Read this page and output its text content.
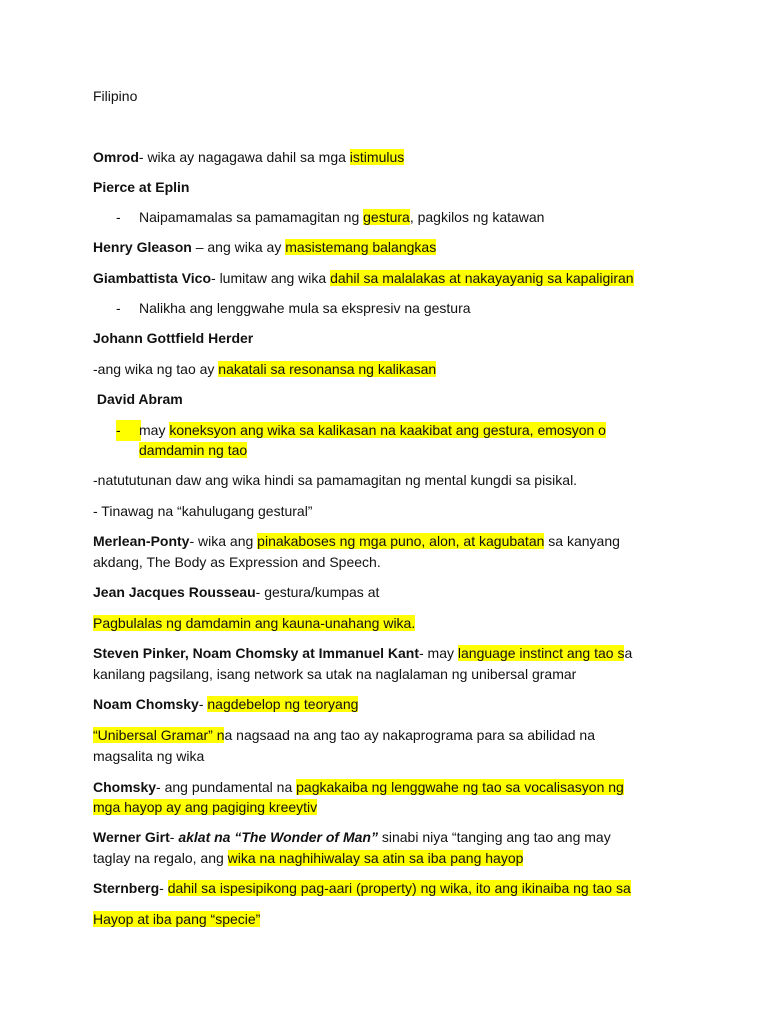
Filipino
Omrod- wika ay nagagawa dahil sa mga istimulus
Pierce at Eplin
- Naipamamalas sa pamamagitan ng gestura, pagkilos ng katawan
Henry Gleason – ang wika ay masistemang balangkas
Giambattista Vico- lumitaw ang wika dahil sa malalakas at nakayayanig sa kapaligiran
- Nalikha ang lenggwahe mula sa ekspresiv na gestura
Johann Gottfield Herder
-ang wika ng tao ay nakatali sa resonansa ng kalikasan
David Abram
-	may koneksyon ang wika sa kalikasan na kaakibat ang gestura, emosyon o
damdamin ng tao
-natututunan daw ang wika hindi sa pamamagitan ng mental kungdi sa pisikal.
- Tinawag na “kahulugang gestural”
Merlean-Ponty- wika ang pinakaboses ng mga puno, alon, at kagubatan sa kanyang
akdang, The Body as Expression and Speech.
Jean Jacques Rousseau- gestura/kumpas at
Pagbulalas ng damdamin ang kauna-unahang wika.
Steven Pinker, Noam Chomsky at Immanuel Kant- may language instinct ang tao sa
kanilang pagsilang, isang network sa utak na naglalaman ng unibersal gramar
Noam Chomsky- nagdebelop ng teoryang
“Unibersal Gramar” na nagsaad na ang tao ay nakaprograma para sa abilidad na
magsalita ng wika
Chomsky- ang pundamental na pagkakaiba ng lenggwahe ng tao sa vocalisasyon ng
mga hayop ay ang pagiging kreeytiv
Werner Girt- aklat na “The Wonder of Man” sinabi niya “tanging ang tao ang may
taglay na regalo, ang wika na naghihiwalay sa atin sa iba pang hayop
Sternberg- dahil sa ispesipikong pag-aari (property) ng wika, ito ang ikinaiba ng tao sa
Hayop at iba pang “specie”
